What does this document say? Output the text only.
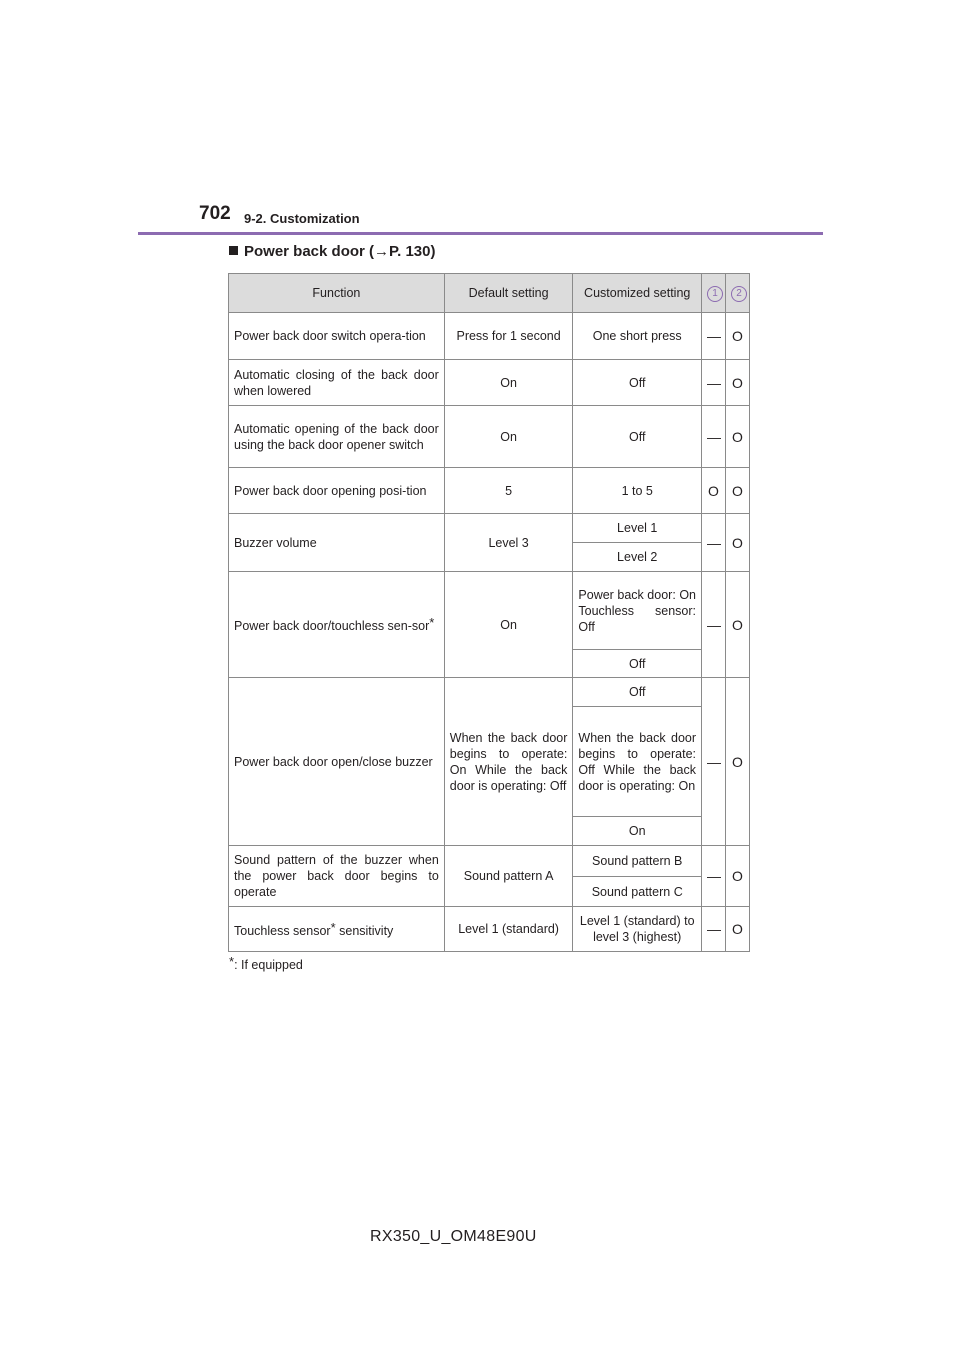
702 9-2. Customization
Power back door (→P. 130)
Function	Default setting	Customized setting	1	2
Power back door switch opera-tion	Press for 1 second	One short press	—	O
Automatic closing of the back door when lowered	On	Off	—	O
Automatic opening of the back door using the back door opener switch	On	Off	—	O
Power back door opening posi-tion	5	1 to 5	O	O
Buzzer volume	Level 3	Level 1	—	O
		Level 2		
Power back door/touchless sen-sor*	On	Power back door: On Touchless sensor: Off	—	O
		Off		
Power back door open/close buzzer	When the back door begins to operate: On While the back door is operating: Off	Off	—	O
		When the back door begins to operate: Off While the back door is operating: On		
		On		
Sound pattern of the buzzer when the power back door begins to operate	Sound pattern A	Sound pattern B	—	O
		Sound pattern C		
Touchless sensor* sensitivity	Level 1 (standard)	Level 1 (standard) to level 3 (highest)	—	O
*: If equipped
RX350_U_OM48E90U
